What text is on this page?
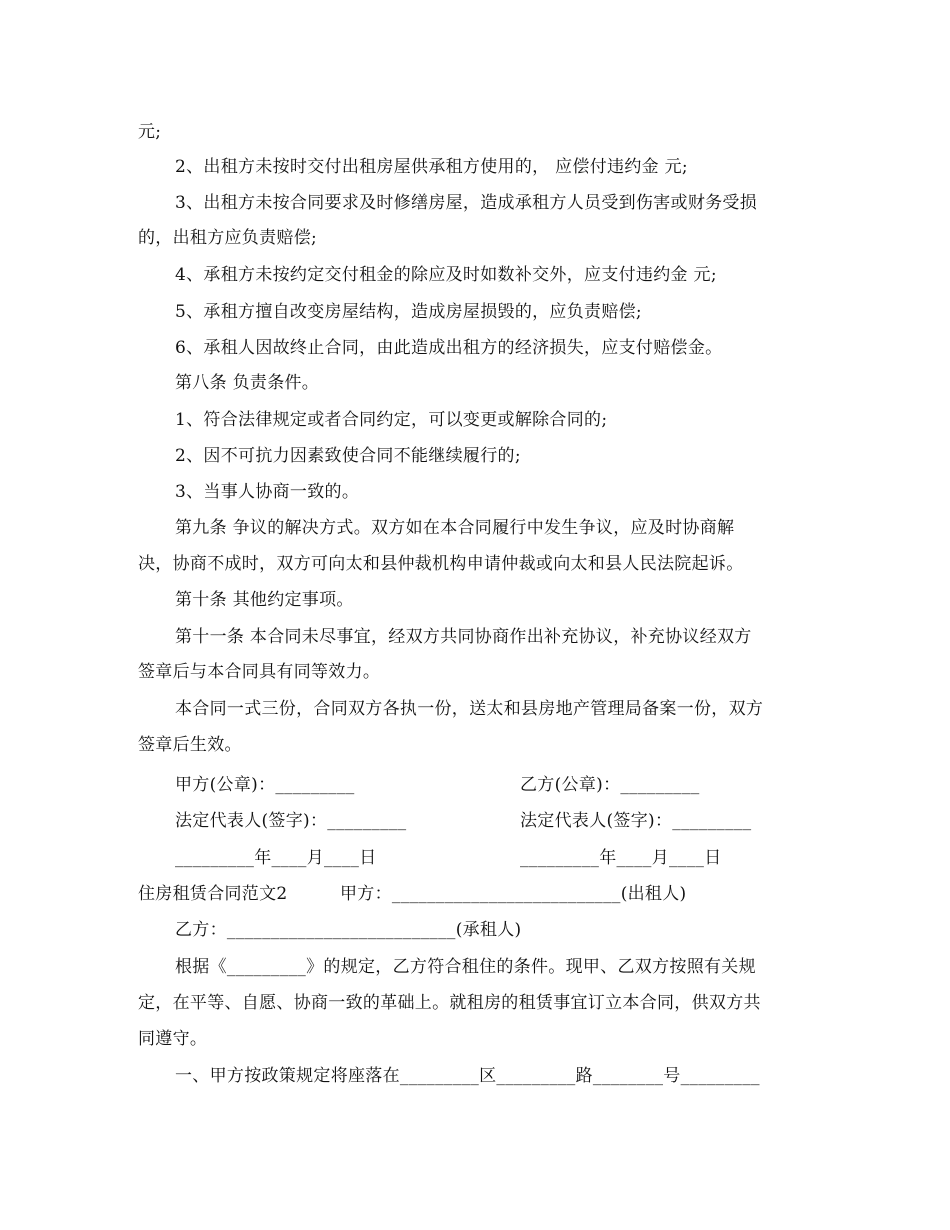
元;
2、出租方未按时交付出租房屋供承租方使用的， 应偿付违约金 元;
3、出租方未按合同要求及时修缮房屋，造成承租方人员受到伤害或财务受损
的，出租方应负责赔偿;
4、承租方未按约定交付租金的除应及时如数补交外，应支付违约金 元;
5、承租方擅自改变房屋结构，造成房屋损毁的，应负责赔偿;
6、承租人因故终止合同，由此造成出租方的经济损失，应支付赔偿金。
第八条 负责条件。
1、符合法律规定或者合同约定，可以变更或解除合同的;
2、因不可抗力因素致使合同不能继续履行的;
3、当事人协商一致的。
第九条 争议的解决方式。双方如在本合同履行中发生争议，应及时协商解
决，协商不成时，双方可向太和县仲裁机构申请仲裁或向太和县人民法院起诉。
第十条 其他约定事项。
第十一条 本合同未尽事宜，经双方共同协商作出补充协议，补充协议经双方
签章后与本合同具有同等效力。
本合同一式三份，合同双方各执一份，送太和县房地产管理局备案一份，双方
签章后生效。
甲方(公章)：_________	乙方(公章)：_________
法定代表人(签字)：_________	法定代表人(签字)：_________
_________年____月____日	_________年____月____日
住房租赁合同范文2	甲方：__________________________(出租人)
乙方：__________________________(承租人)
根据《_________》的规定，乙方符合租住的条件。现甲、乙双方按照有关规
定，在平等、自愿、协商一致的革础上。就租房的租赁事宜订立本合同，供双方共
同遵守。
一、甲方按政策规定将座落在_________区_________路________号_________
